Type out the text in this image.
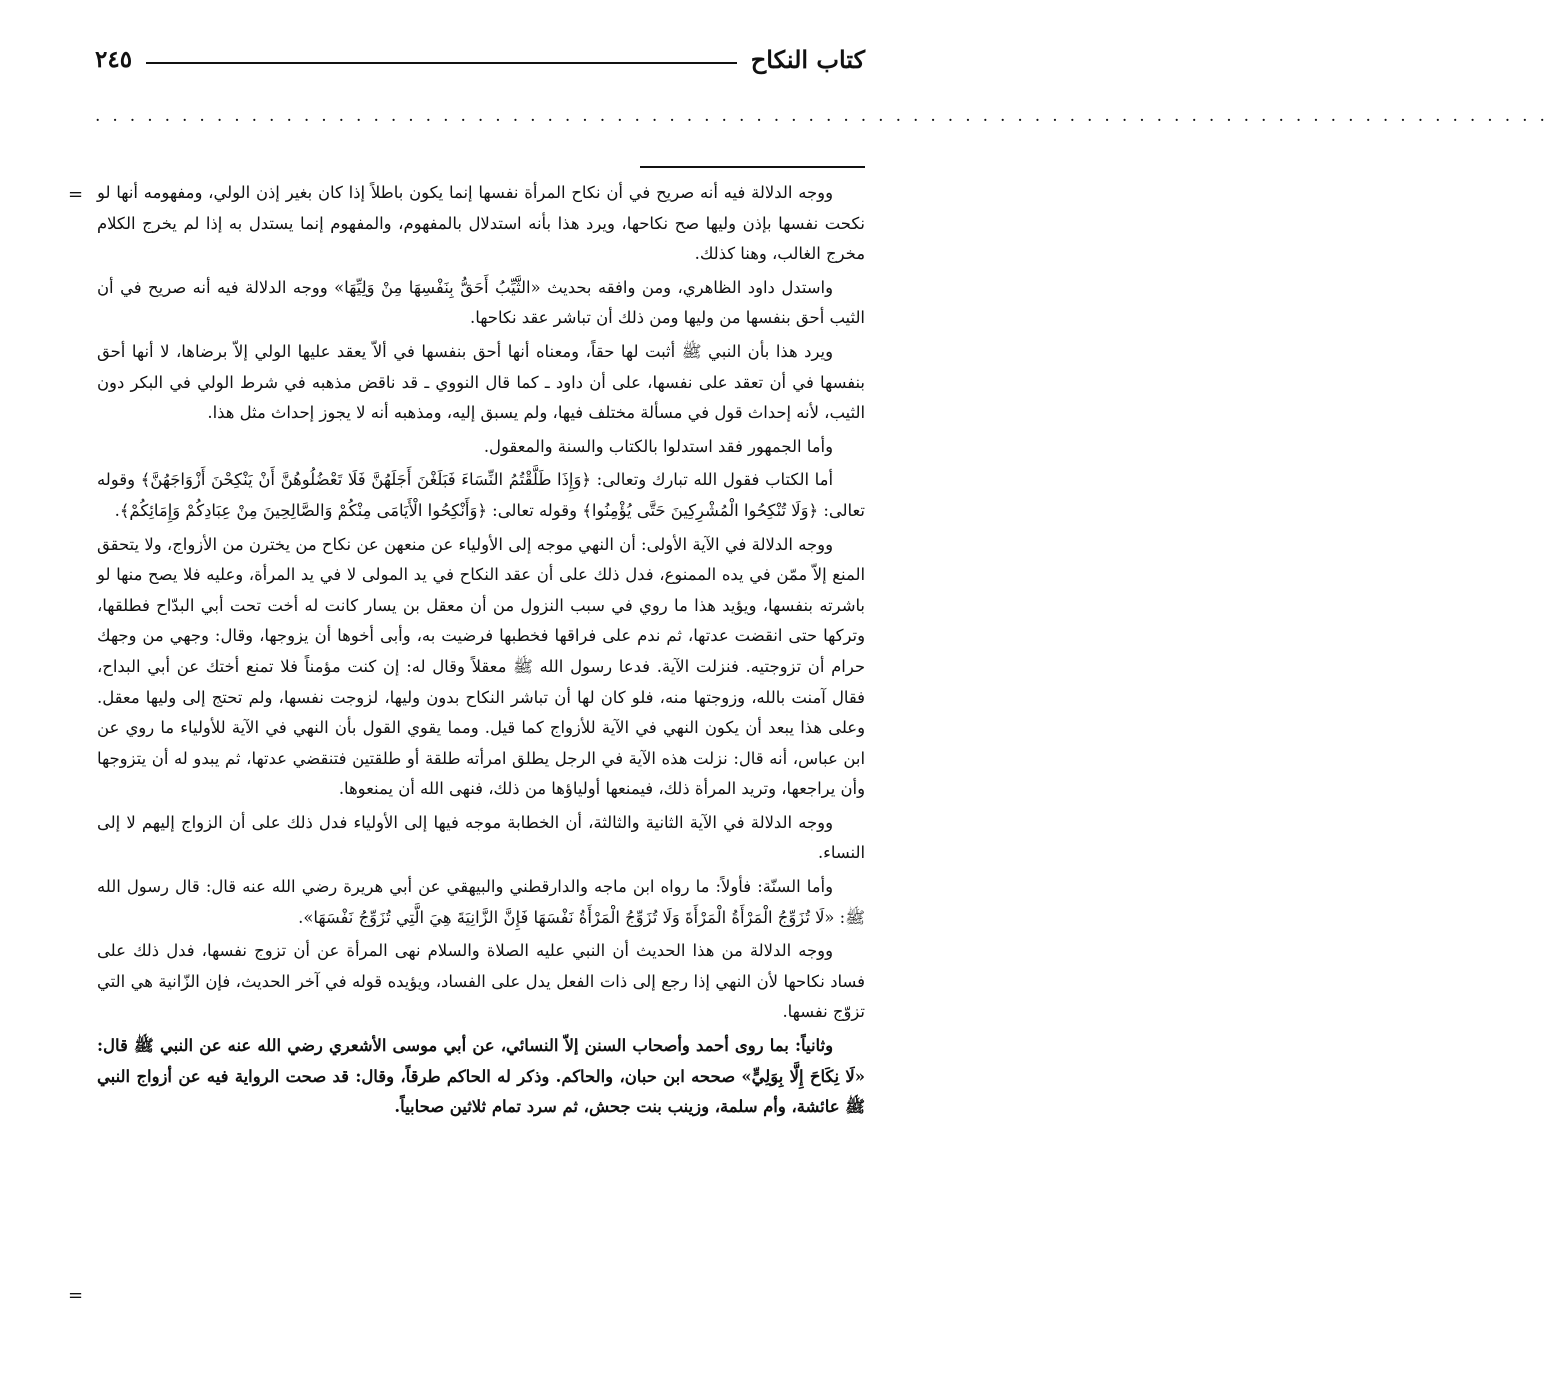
كتاب النكاح
٢٤٥
....................................................................................
=
=

ووجه الدلالة فيه أنه صريح في أن نكاح المرأة نفسها إنما يكون باطلاً إذا كان بغير إذن الولي، ومفهومه أنها لو نكحت نفسها بإذن وليها صح نكاحها، ويرد هذا بأنه استدلال بالمفهوم، والمفهوم إنما يستدل به إذا لم يخرج الكلام مخرج الغالب، وهنا كذلك.

واستدل داود الظاهري، ومن وافقه بحديث «الثَّيِّبُ أَحَقُّ بِنَفْسِهَا مِنْ وَلِيِّهَا» ووجه الدلالة فيه أنه صريح في أن الثيب أحق بنفسها من وليها ومن ذلك أن تباشر عقد نكاحها.

ويرد هذا بأن النبي ﷺ أثبت لها حقاً، ومعناه أنها أحق بنفسها في ألاّ يعقد عليها الولي إلاّ برضاها، لا أنها أحق بنفسها في أن تعقد على نفسها، على أن داود ـ كما قال النووي ـ قد ناقض مذهبه في شرط الولي في البكر دون الثيب، لأنه إحداث قول في مسألة مختلف فيها، ولم يسبق إليه، ومذهبه أنه لا يجوز إحداث مثل هذا.

وأما الجمهور فقد استدلوا بالكتاب والسنة والمعقول.

أما الكتاب فقول الله تبارك وتعالى: ﴿وَإِذَا طَلَّقْتُمُ النِّسَاءَ فَبَلَغْنَ أَجَلَهُنَّ فَلَا تَعْضُلُوهُنَّ أَنْ يَنْكِحْنَ أَزْوَاجَهُنَّ﴾ وقوله تعالى: ﴿وَلَا تُنْكِحُوا الْمُشْرِكِينَ حَتَّى يُؤْمِنُوا﴾ وقوله تعالى: ﴿وَأَنْكِحُوا الْأَيَامَى مِنْكُمْ وَالصَّالِحِينَ مِنْ عِبَادِكُمْ وَإِمَائِكُمْ﴾.

ووجه الدلالة في الآية الأولى: أن النهي موجه إلى الأولياء عن منعهن عن نكاح من يخترن من الأزواج، ولا يتحقق المنع إلاّ ممّن في يده الممنوع، فدل ذلك على أن عقد النكاح في يد المولى لا في يد المرأة، وعليه فلا يصح منها لو باشرته بنفسها، ويؤيد هذا ما روي في سبب النزول من أن معقل بن يسار كانت له أخت تحت أبي البدّاح فطلقها، وتركها حتى انقضت عدتها، ثم ندم على فراقها فخطبها فرضيت به، وأبى أخوها أن يزوجها، وقال: وجهي من وجهك حرام أن تزوجتيه. فنزلت الآية. فدعا رسول الله ﷺ معقلاً وقال له: إن كنت مؤمناً فلا تمنع أختك عن أبي البداح، فقال آمنت بالله، وزوجتها منه، فلو كان لها أن تباشر النكاح بدون وليها، لزوجت نفسها، ولم تحتج إلى وليها معقل. وعلى هذا يبعد أن يكون النهي في الآية للأزواج كما قيل. ومما يقوي القول بأن النهي في الآية للأولياء ما روي عن ابن عباس، أنه قال: نزلت هذه الآية في الرجل يطلق امرأته طلقة أو طلقتين فتنقضي عدتها، ثم يبدو له أن يتزوجها وأن يراجعها، وتريد المرأة ذلك، فيمنعها أولياؤها من ذلك، فنهى الله أن يمنعوها.

ووجه الدلالة في الآية الثانية والثالثة، أن الخطابة موجه فيها إلى الأولياء فدل ذلك على أن الزواج إليهم لا إلى النساء.

وأما السنّة: فأولاً: ما رواه ابن ماجه والدارقطني والبيهقي عن أبي هريرة رضي الله عنه قال: قال رسول الله ﷺ: «لَا تُزَوِّجُ الْمَرْأَةُ الْمَرْأَةَ وَلَا تُزَوِّجُ الْمَرْأَةُ نَفْسَهَا فَإِنَّ الزَّانِيَةَ هِيَ الَّتِي تُزَوِّجُ نَفْسَهَا».

ووجه الدلالة من هذا الحديث أن النبي عليه الصلاة والسلام نهى المرأة عن أن تزوج نفسها، فدل ذلك على فساد نكاحها لأن النهي إذا رجع إلى ذات الفعل يدل على الفساد، ويؤيده قوله في آخر الحديث، فإن الزّانية هي التي تزوّج نفسها.

وثانياً: بما روى أحمد وأصحاب السنن إلاّ النسائي، عن أبي موسى الأشعري رضي الله عنه عن النبي ﷺ قال: «لَا نِكَاحَ إِلَّا بِوَلِيٍّ» صححه ابن حبان، والحاكم. وذكر له الحاكم طرقاً، وقال: قد صحت الرواية فيه عن أزواج النبي ﷺ عائشة، وأم سلمة، وزينب بنت جحش، ثم سرد تمام ثلاثين صحابياً.
